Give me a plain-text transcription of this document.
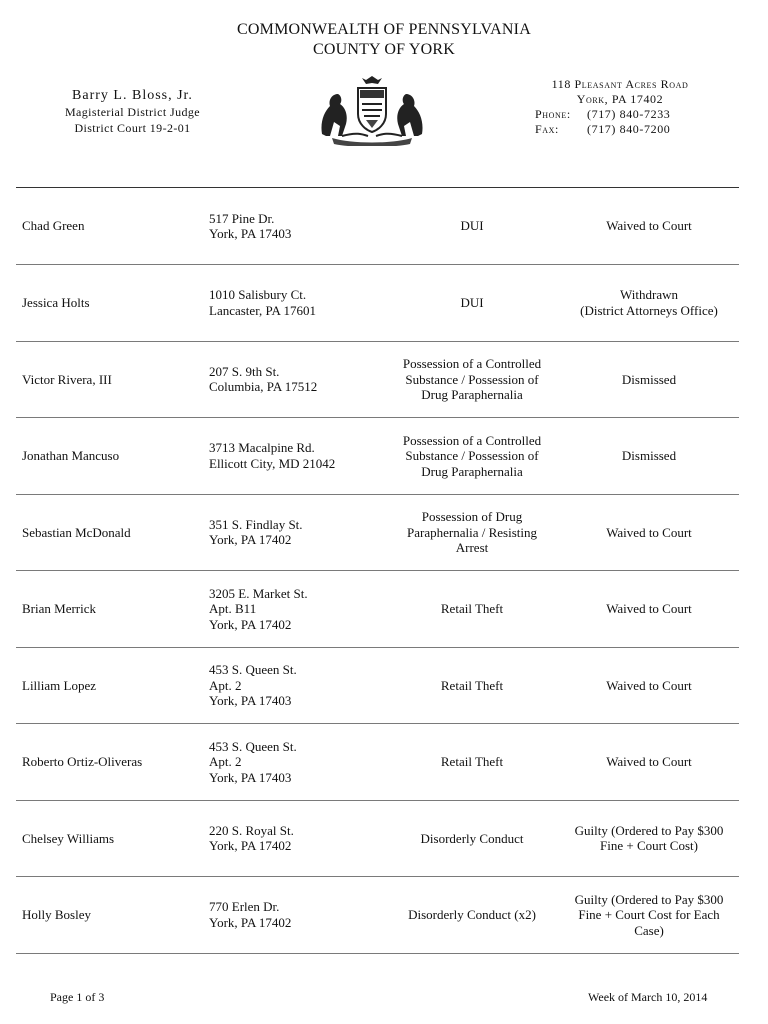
COMMONWEALTH OF PENNSYLVANIA
COUNTY OF YORK
Barry L. Bloss, Jr.
Magisterial District Judge
District Court 19-2-01
118 Pleasant Acres Road
York, PA 17402
Phone:	(717) 840-7233
Fax:	(717) 840-7200
Chad Green	517 Pine Dr.
York, PA 17403	DUI	Waived to Court

Jessica Holts	1010 Salisbury Ct.
Lancaster, PA 17601	DUI	Withdrawn
(District Attorneys Office)

Victor Rivera, III	207 S. 9th St.
Columbia, PA 17512	Possession of a Controlled
Substance / Possession of
Drug Paraphernalia	Dismissed

Jonathan Mancuso	3713 Macalpine Rd.
Ellicott City, MD 21042	Possession of a Controlled
Substance / Possession of
Drug Paraphernalia	Dismissed

Sebastian McDonald	351 S. Findlay St.
York, PA 17402	Possession of Drug
Paraphernalia / Resisting
Arrest	Waived to Court

Brian Merrick	3205 E. Market St.
Apt. B11
York, PA 17402	Retail Theft	Waived to Court

Lilliam Lopez	453 S. Queen St.
Apt. 2
York, PA 17403	Retail Theft	Waived to Court

Roberto Ortiz-Oliveras	453 S. Queen St.
Apt. 2
York, PA 17403	Retail Theft	Waived to Court

Chelsey Williams	220 S. Royal St.
York, PA 17402	Disorderly Conduct	Guilty (Ordered to Pay $300
Fine + Court Cost)

Holly Bosley	770 Erlen Dr.
York, PA 17402	Disorderly Conduct (x2)	Guilty (Ordered to Pay $300
Fine + Court Cost for Each
Case)
Page 1 of 3	Week of March 10, 2014
